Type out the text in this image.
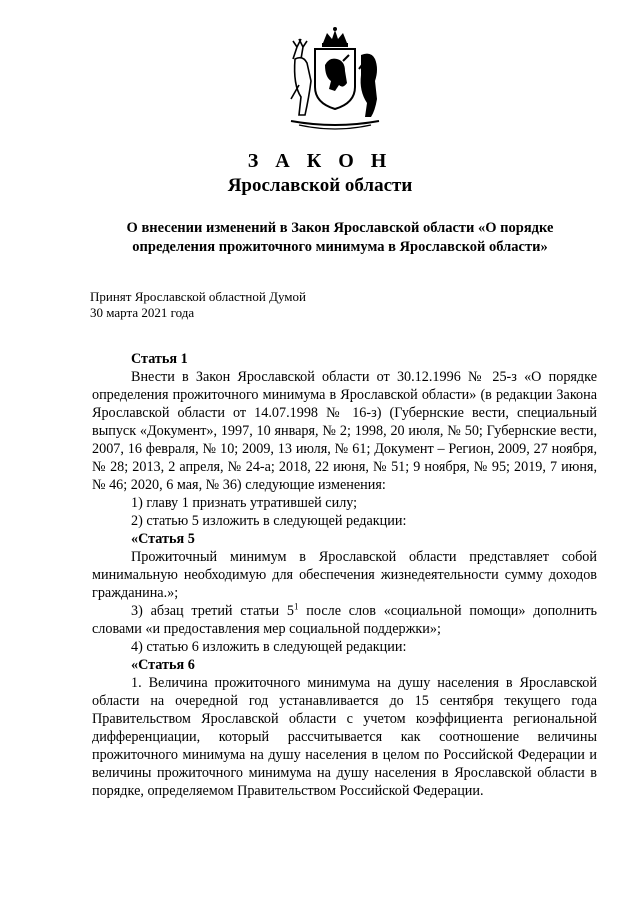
З А К О Н
Ярославской области
О внесении изменений в Закон Ярославской области «О порядке
определения прожиточного минимума в Ярославской области»
Принят Ярославской областной Думой
30 марта 2021 года

Статья 1

Внести в Закон Ярославской области от 30.12.1996 № 25-з «О порядке определения прожиточного минимума в Ярославской области» (в редакции Закона Ярославской области от 14.07.1998 № 16-з) (Губернские вести, специальный выпуск «Документ», 1997, 10 января, № 2; 1998, 20 июля, № 50; Губернские вести, 2007, 16 февраля, № 10; 2009, 13 июля, № 61; Документ – Регион, 2009, 27 ноября, № 28; 2013, 2 апреля, № 24-а; 2018, 22 июня, № 51; 9 ноября, № 95; 2019, 7 июня, № 46; 2020, 6 мая, № 36) следующие изменения:

1) главу 1 признать утратившей силу;

2) статью 5 изложить в следующей редакции:

«Статья 5

Прожиточный минимум в Ярославской области представляет собой минимальную необходимую для обеспечения жизнедеятельности сумму доходов гражданина.»;

3) абзац третий статьи $5^1$ после слов «социальной помощи» дополнить словами «и предоставления мер социальной поддержки»;

4) статью 6 изложить в следующей редакции:

«Статья 6

1. Величина прожиточного минимума на душу населения в Ярославской области на очередной год устанавливается до 15 сентября текущего года Правительством Ярославской области с учетом коэффициента региональной дифференциации, который рассчитывается как соотношение величины прожиточного минимума на душу населения в целом по Российской Федерации и величины прожиточного минимума на душу населения в Ярославской области в порядке, определяемом Правительством Российской Федерации.
